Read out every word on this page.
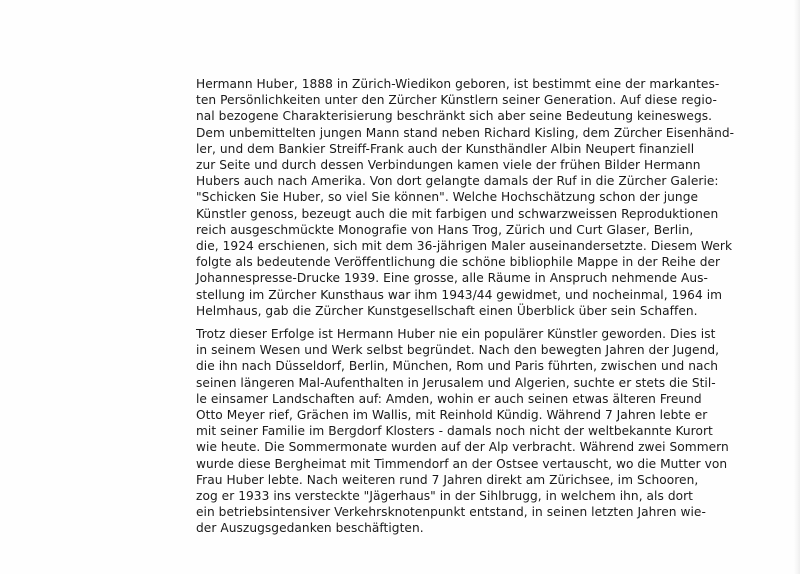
Hermann Huber, 1888 in Zürich-Wiedikon geboren, ist bestimmt eine der markantes-
ten Persönlichkeiten unter den Zürcher Künstlern seiner Generation. Auf diese regio-
nal bezogene Charakterisierung beschränkt sich aber seine Bedeutung keineswegs.
Dem unbemittelten jungen Mann stand neben Richard Kisling, dem Zürcher Eisenhänd-
ler, und dem Bankier Streiff-Frank auch der Kunsthändler Albin Neupert finanziell
zur Seite und durch dessen Verbindungen kamen viele der frühen Bilder Hermann
Hubers auch nach Amerika. Von dort gelangte damals der Ruf in die Zürcher Galerie:
"Schicken Sie Huber, so viel Sie können". Welche Hochschätzung schon der junge
Künstler genoss, bezeugt auch die mit farbigen und schwarzweissen Reproduktionen
reich ausgeschmückte Monografie von Hans Trog, Zürich und Curt Glaser, Berlin,
die, 1924 erschienen, sich mit dem 36-jährigen Maler auseinandersetzte. Diesem Werk
folgte als bedeutende Veröffentlichung die schöne bibliophile Mappe in der Reihe der
Johannespresse-Drucke 1939. Eine grosse, alle Räume in Anspruch nehmende Aus-
stellung im Zürcher Kunsthaus war ihm 1943/44 gewidmet, und nocheinmal, 1964 im
Helmhaus, gab die Zürcher Kunstgesellschaft einen Überblick über sein Schaffen.

Trotz dieser Erfolge ist Hermann Huber nie ein populärer Künstler geworden. Dies ist
in seinem Wesen und Werk selbst begründet. Nach den bewegten Jahren der Jugend,
die ihn nach Düsseldorf, Berlin, München, Rom und Paris führten, zwischen und nach
seinen längeren Mal-Aufenthalten in Jerusalem und Algerien, suchte er stets die Stil-
le einsamer Landschaften auf: Amden, wohin er auch seinen etwas älteren Freund
Otto Meyer rief, Grächen im Wallis, mit Reinhold Kündig. Während 7 Jahren lebte er
mit seiner Familie im Bergdorf Klosters - damals noch nicht der weltbekannte Kurort
wie heute. Die Sommermonate wurden auf der Alp verbracht. Während zwei Sommern
wurde diese Bergheimat mit Timmendorf an der Ostsee vertauscht, wo die Mutter von
Frau Huber lebte. Nach weiteren rund 7 Jahren direkt am Zürichsee, im Schooren,
zog er 1933 ins versteckte "Jägerhaus" in der Sihlbrugg, in welchem ihn, als dort
ein betriebsintensiver Verkehrsknotenpunkt entstand, in seinen letzten Jahren wie-
der Auszugsgedanken beschäftigten.
